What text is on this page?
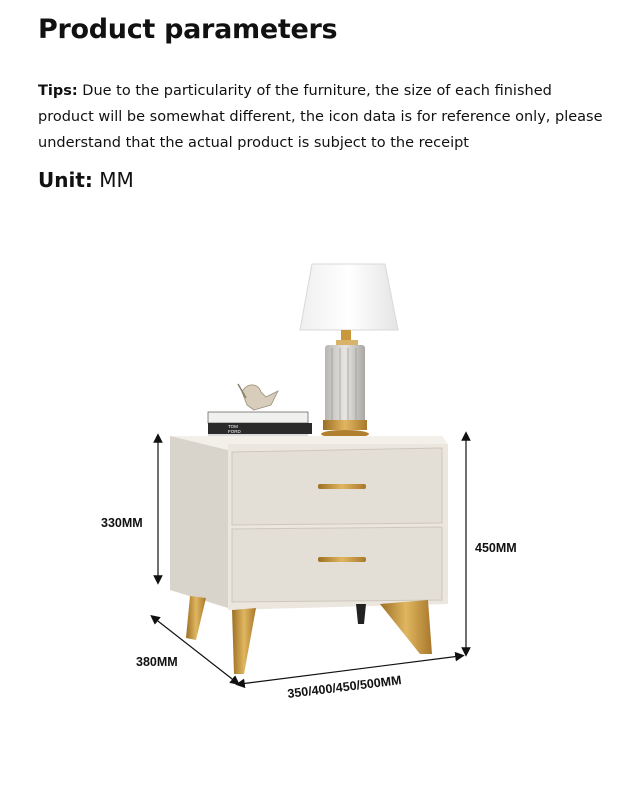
Product parameters
Tips: Due to the particularity of the furniture, the size of each finished product will be somewhat different, the icon data is for reference only, please understand that the actual product is subject to the receipt
Unit: MM
TOM
FORD
330MM
450MM
380MM
350/400/450/500MM
